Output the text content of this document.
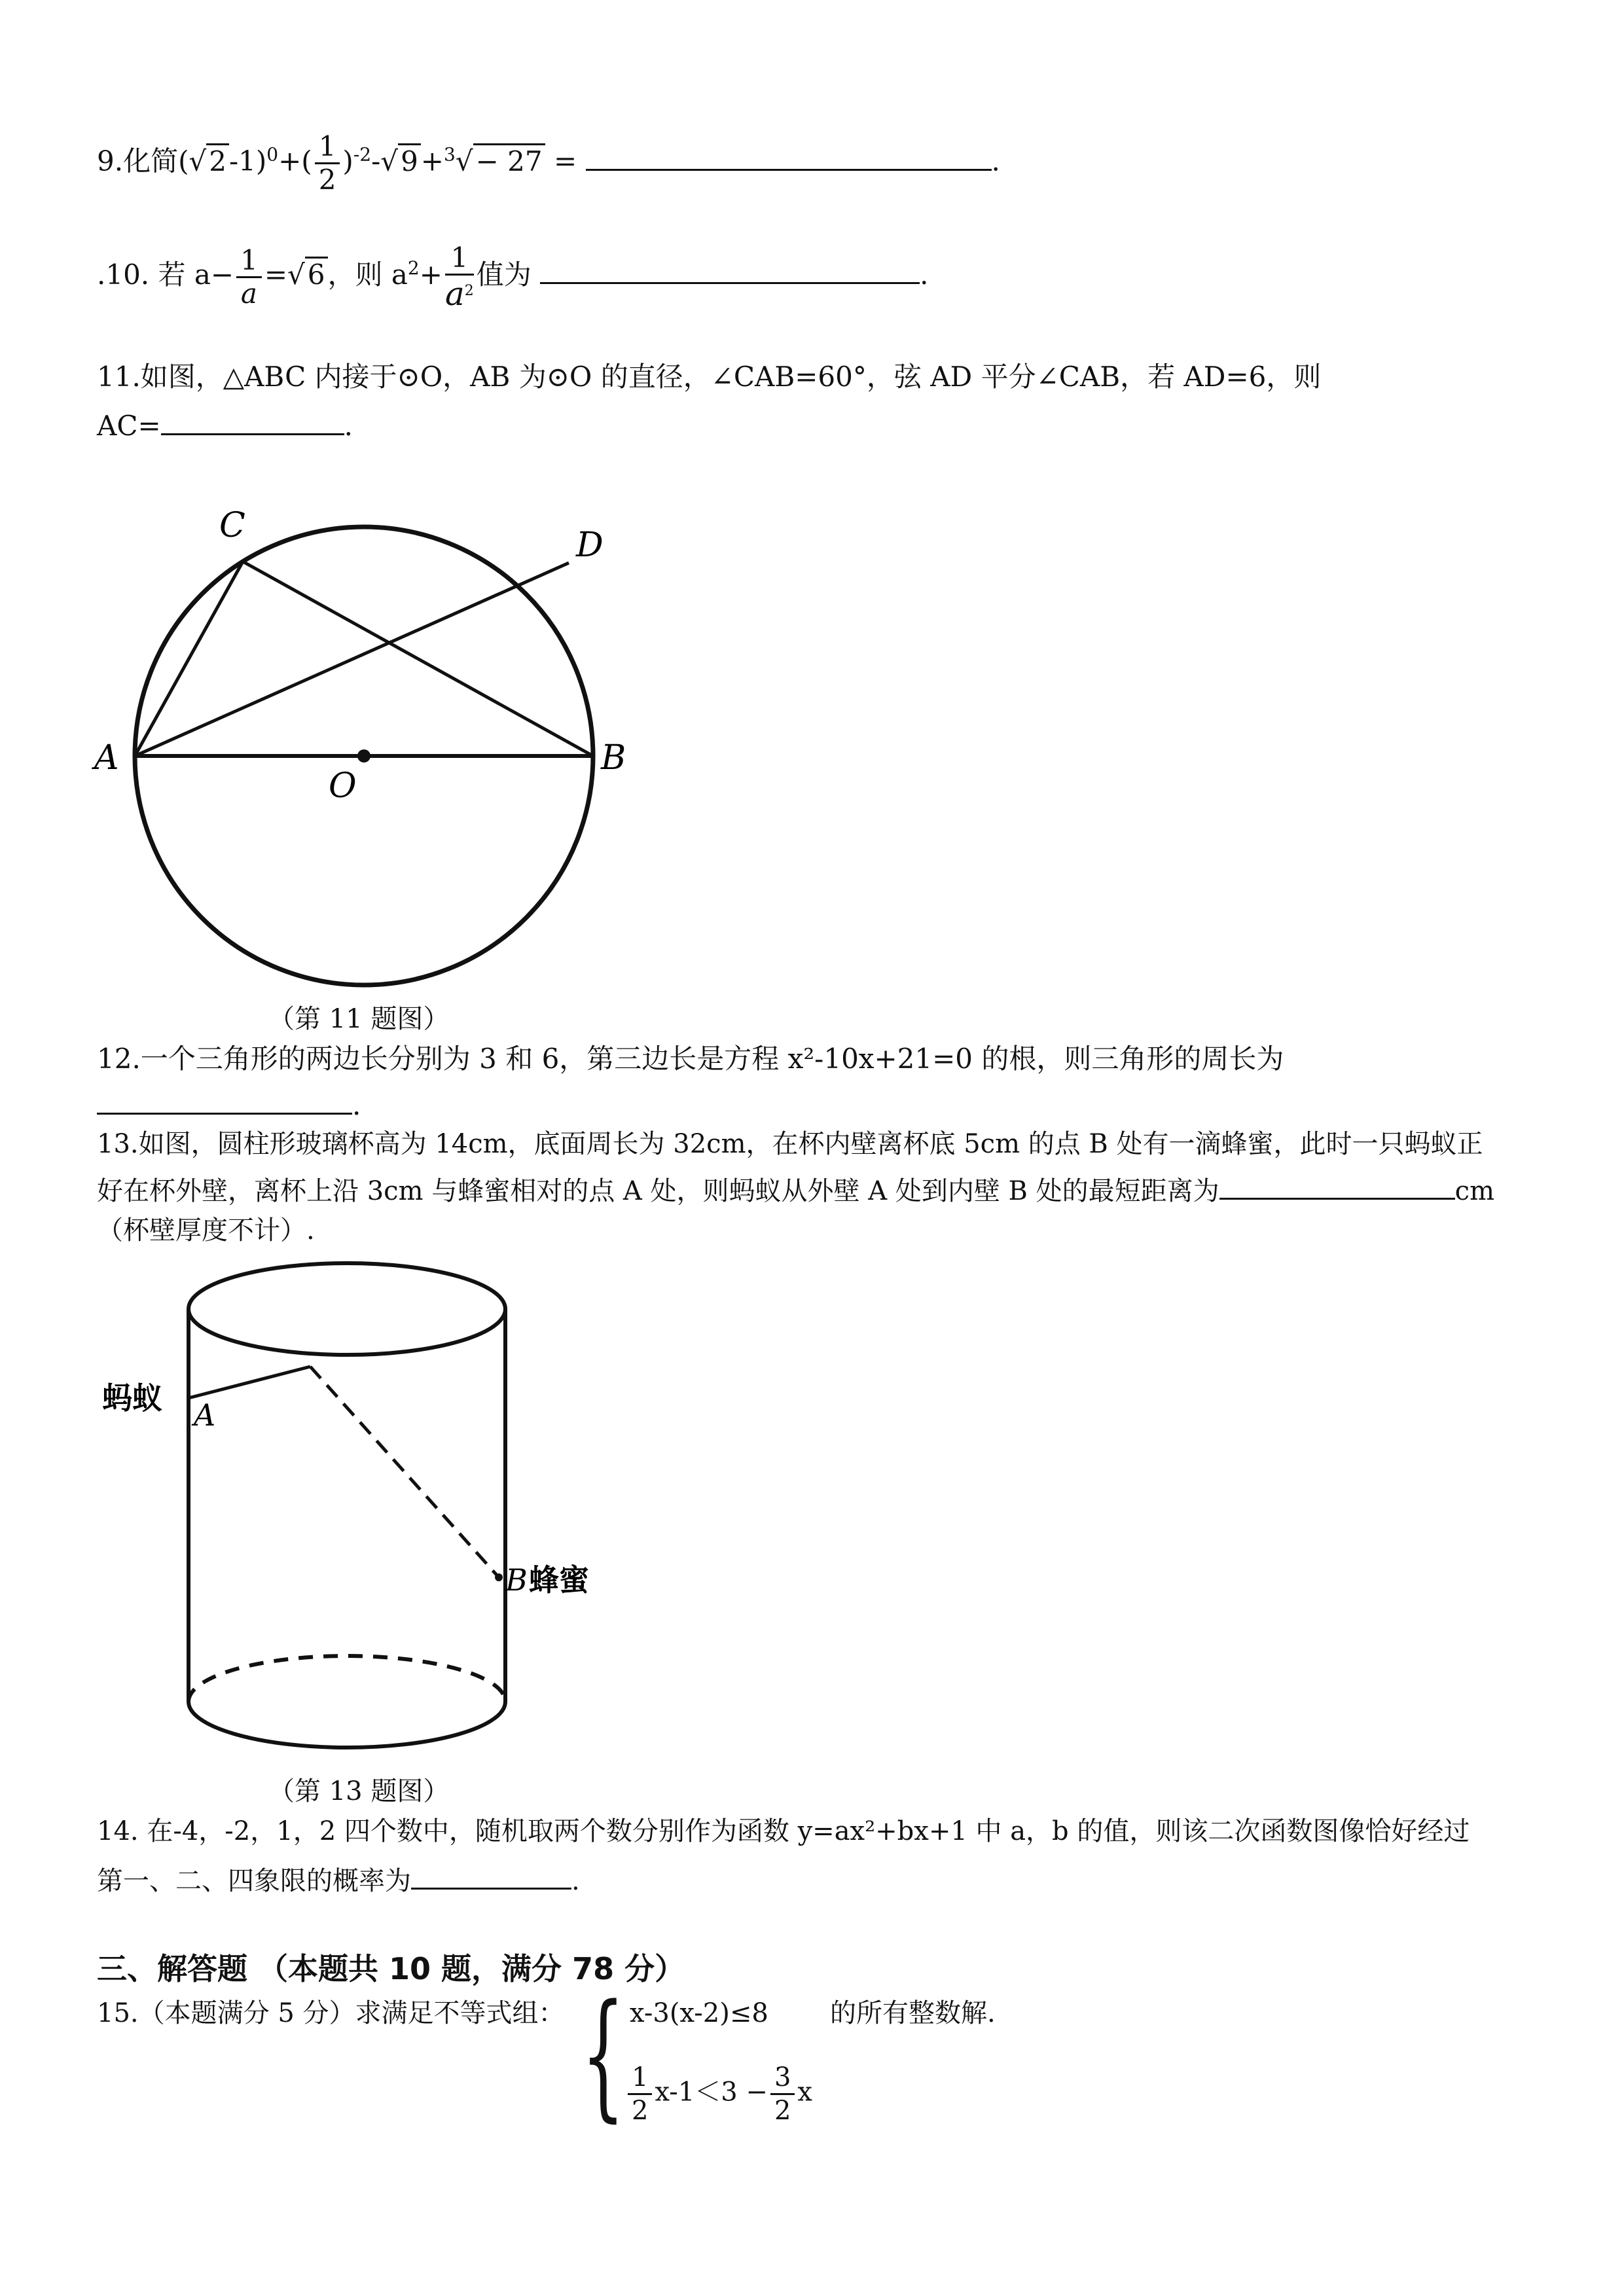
9.化简$(√2-1)^0+( \frac{1}{2} )^{-2}-√9+^3√- 27$ =	.
.10. 若 $a- \frac{1}{a} =√6$，则 $a^2+ \frac{1}{a^2}$ 值为	.
11.如图，△ABC 内接于⊙O，AB 为⊙O 的直径，∠CAB=60°，弦 AD 平分∠CAB，若 AD=6，则
AC=	.
C	D
A	B
O
（第 11 题图）
12.一个三角形的两边长分别为 3 和 6，第三边长是方程 x²-10x+21=0 的根，则三角形的周长为
.
13.如图，圆柱形玻璃杯高为 14cm，底面周长为 32cm，在杯内壁离杯底 5cm 的点 B 处有一滴蜂蜜，此时一只蚂蚁正
好在杯外壁，离杯上沿 3cm 与蜂蜜相对的点 A 处，则蚂蚁从外壁 A 处到内壁 B 处的最短距离为	cm
（杯壁厚度不计）.
蚂蚁 A
B 蜂蜜
（第 13 题图）
14. 在-4，-2，1，2 四个数中，随机取两个数分别作为函数 y=ax²+bx+1 中 a，b 的值，则该二次函数图像恰好经过
第一、二、四象限的概率为	.
三、解答题 （本题共 10 题，满分 78 分）
15.（本题满分 5 分）求满足不等式组： { x-3(x-2)≤8 的所有整数解.
$\frac{1}{2} x-1<3 - \frac{3}{2}$ x
